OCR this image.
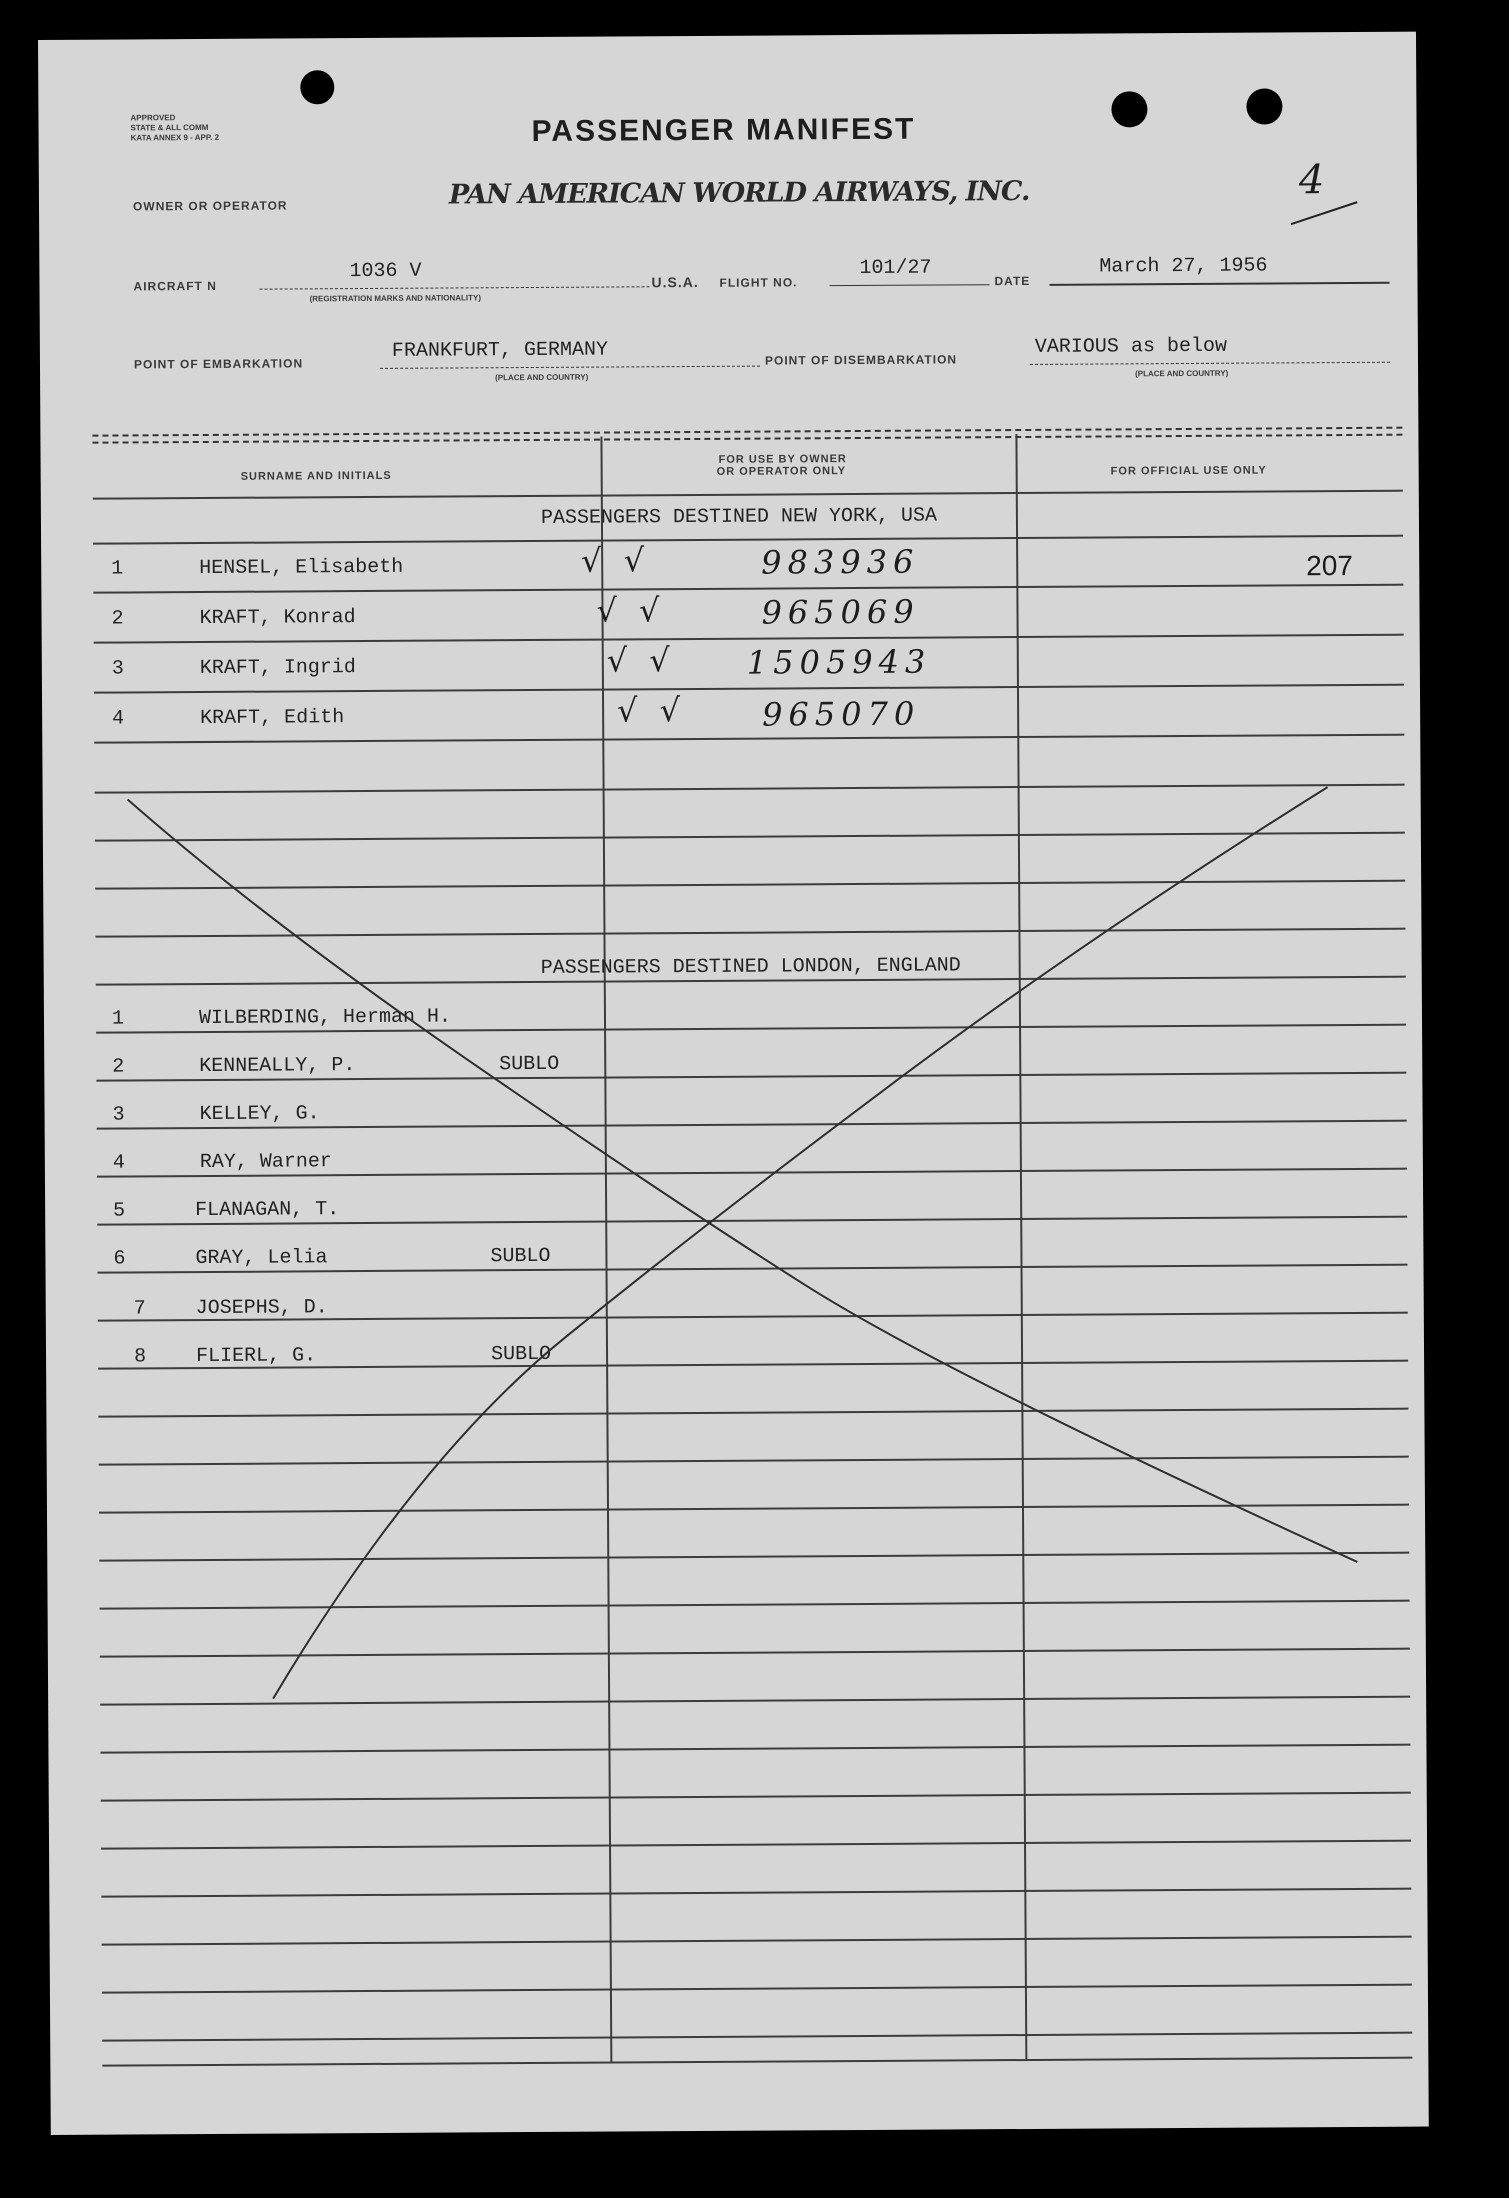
APPROVED
STATE & ALL COMM
KATA ANNEX 9 - APP. 2	PASSENGER MANIFEST
4
OWNER OR OPERATOR	PAN AMERICAN WORLD AIRWAYS, INC.
AIRCRAFT N
1036 V
(REGISTRATION MARKS AND NATIONALITY)
U.S.A. FLIGHT NO.
101/27
DATE
March 27, 1956
POINT OF EMBARKATION
FRANKFURT, GERMANY
(PLACE AND COUNTRY)
POINT OF DISEMBARKATION
VARIOUS as below
(PLACE AND COUNTRY)
SURNAME AND INITIALS
FOR USE BY OWNER
OR OPERATOR ONLY	FOR OFFICIAL USE ONLY
PASSENGERS DESTINED NEW YORK, USA
1	HENSEL, Elisabeth	√ √	983936	207
2	KRAFT, Konrad	√ √	965069
3	KRAFT, Ingrid	√ √ 1505943
4	KRAFT, Edith	√ √ 965070
PASSENGERS DESTINED LONDON, ENGLAND
1	WILBERDING, Herman H.
2	KENNEALLY, P.	SUBLO
3	KELLEY, G.
4	RAY, Warner
5	FLANAGAN, T.
6	GRAY, Lelia	SUBLO
7 JOSEPHS, D.
8 FLIERL, G.	SUBLO
